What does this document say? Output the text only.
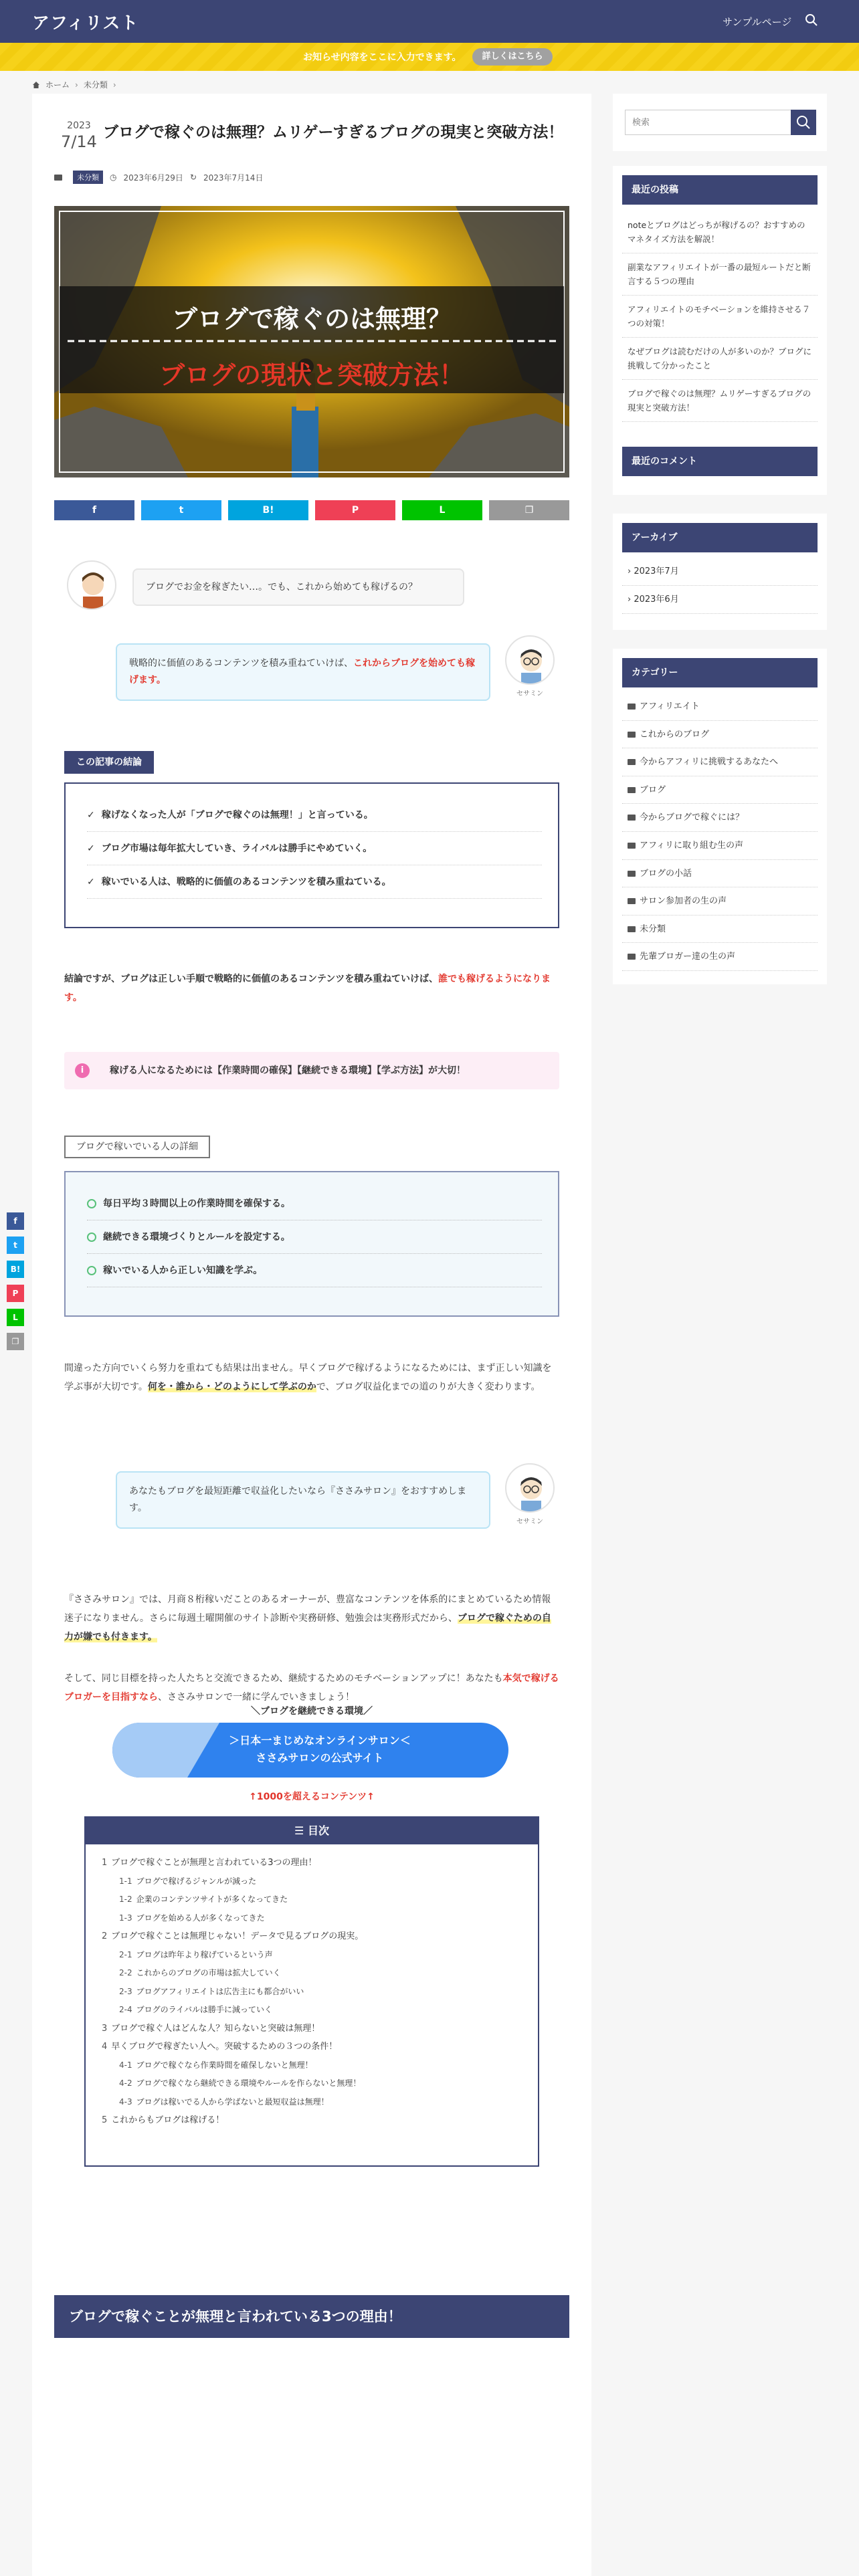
アフィリスト	サンプルページ
お知らせ内容をここに入力できます。	詳しくはこちら
ホーム › 未分類 ›
2023
7/14 ブログで稼ぐのは無理？ムリゲーすぎるブログの現実と突破方法！
未分類	◷ 2023年6月29日 ↻ 2023年7月14日
ブログで稼ぐのは無理？
ブログの現状と突破方法！
f	t	B!	P	L	❐
ブログでお金を稼ぎたい…。でも、これから始めても稼げるの？
戦略的に価値のあるコンテンツを積み重ねていけば、これからブログを始めても稼げます。
セサミン
この記事の結論
✓ 稼げなくなった人が「ブログで稼ぐのは無理！」と言っている。
✓ ブログ市場は毎年拡大していき、ライバルは勝手にやめていく。
✓ 稼いでいる人は、戦略的に価値のあるコンテンツを積み重ねている。

結論ですが、ブログは正しい手順で戦略的に価値のあるコンテンツを積み重ねていけば、誰でも稼げるようになります。

i	稼げる人になるためには【作業時間の確保】【継続できる環境】【学ぶ方法】が大切！
ブログで稼いでいる人の詳細
毎日平均３時間以上の作業時間を確保する。
継続できる環境づくりとルールを設定する。
稼いでいる人から正しい知識を学ぶ。

間違った方向でいくら努力を重ねても結果は出ません。早くブログで稼げるようになるためには、まず正しい知識を学ぶ事が大切です。何を・誰から・どのようにして学ぶのかで、ブログ収益化までの道のりが大きく変わります。

あなたもブログを最短距離で収益化したいなら『ささみサロン』をおすすめします。
セサミン

『ささみサロン』では、月商８桁稼いだことのあるオーナーが、豊富なコンテンツを体系的にまとめているため情報迷子になりません。さらに毎週土曜開催のサイト診断や実務研修、勉強会は実務形式だから、ブログで稼ぐための自力が嫌でも付きます。

そして、同じ目標を持った人たちと交流できるため、継続するためのモチベーションアップに！あなたも本気で稼げるブロガーを目指すなら、ささみサロンで一緒に学んでいきましょう！

＼ブログを継続できる環境／
＞日本一まじめなオンラインサロン＜
ささみサロンの公式サイト
↑1000を超えるコンテンツ↑
☰ 目次
1 ブログで稼ぐことが無理と言われている3つの理由！
1-1 ブログで稼げるジャンルが減った
1-2 企業のコンテンツサイトが多くなってきた
1-3 ブログを始める人が多くなってきた
2 ブログで稼ぐことは無理じゃない！データで見るブログの現実。
2-1 ブログは昨年より稼げているという声
2-2 これからのブログの市場は拡大していく
2-3 ブログアフィリエイトは広告主にも都合がいい
2-4 ブログのライバルは勝手に減っていく
3 ブログで稼ぐ人はどんな人？知らないと突破は無理！
4 早くブログで稼ぎたい人へ。突破するための３つの条件！
4-1 ブログで稼ぐなら作業時間を確保しないと無理！
4-2 ブログで稼ぐなら継続できる環境やルールを作らないと無理！
4-3 ブログは稼いでる人から学ばないと最短収益は無理！
5 これからもブログは稼げる！
ブログで稼ぐことが無理と言われている3つの理由！
検索
最近の投稿
noteとブログはどっちが稼げるの？おすすめのマネタイズ方法を解説！
副業なアフィリエイトが一番の最短ルートだと断言する５つの理由
アフィリエイトのモチベーションを維持させる７つの対策！
なぜブログは読むだけの人が多いのか？ブログに挑戦して分かったこと
ブログで稼ぐのは無理？ムリゲーすぎるブログの現実と突破方法！
最近のコメント
アーカイブ
› 2023年7月
› 2023年6月
カテゴリー
アフィリエイト
これからのブログ
今からアフィリに挑戦するあなたへ
ブログ
今からブログで稼ぐには？
アフィリに取り組む生の声
ブログの小話
サロン参加者の生の声
未分類
先輩ブロガー達の生の声
f
t
B!
P
L
❐
